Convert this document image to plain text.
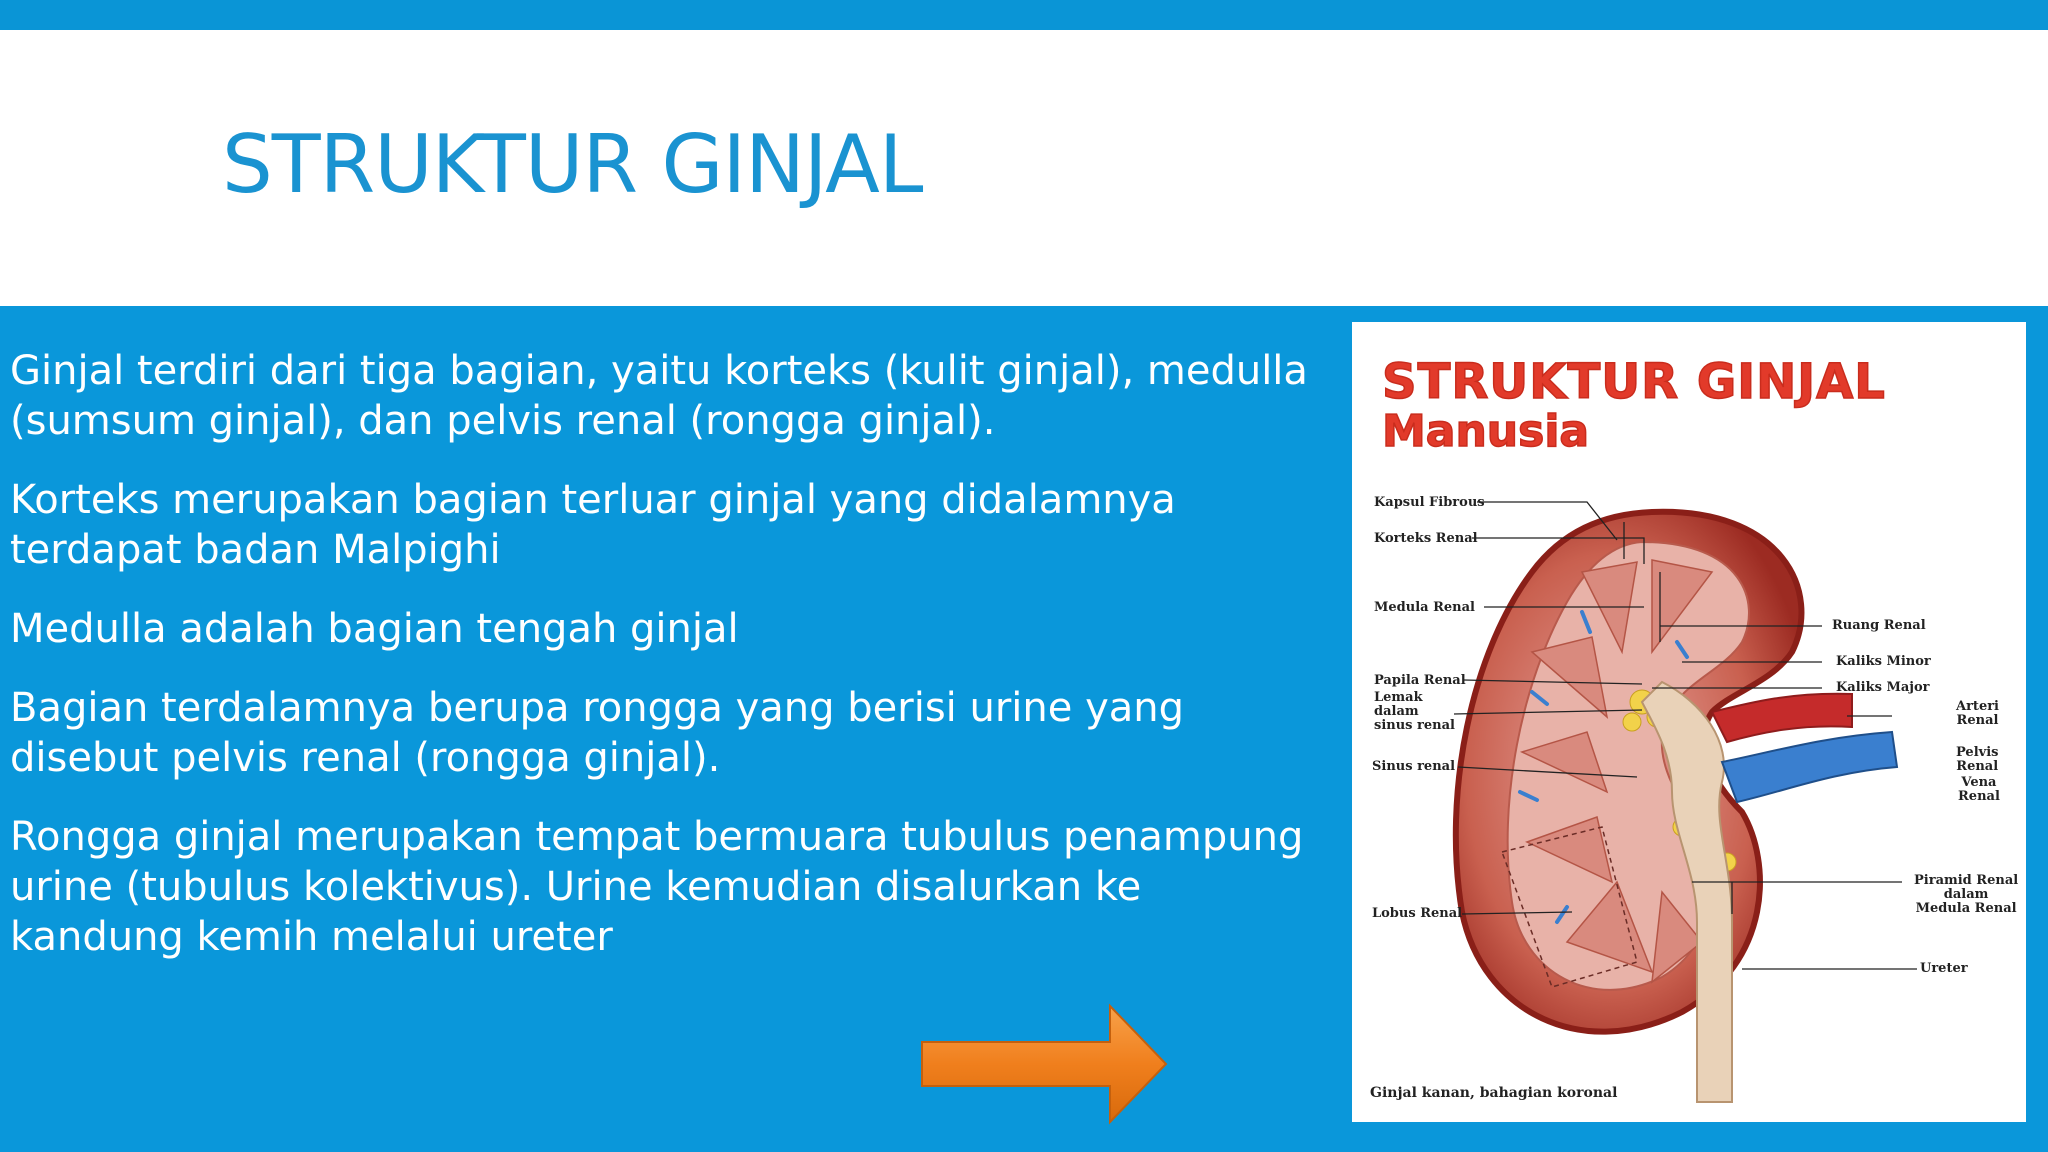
STRUKTUR GINJAL
Ginjal terdiri dari tiga bagian, yaitu korteks (kulit ginjal), medulla (sumsum ginjal), dan pelvis renal (rongga ginjal).
Korteks merupakan bagian terluar ginjal yang didalamnya terdapat badan Malpighi
Medulla adalah bagian tengah ginjal
Bagian terdalamnya berupa rongga yang berisi urine yang disebut pelvis renal (rongga ginjal).
Rongga ginjal merupakan tempat bermuara tubulus penampung urine (tubulus kolektivus). Urine kemudian disalurkan ke kandung kemih melalui ureter
STRUKTUR GINJAL
Manusia
Kapsul Fibrous
Korteks Renal
Medula Renal
Papila Renal
Lemak
dalam
sinus renal
Sinus renal
Lobus Renal
Ruang Renal
Kaliks Minor
Kaliks Major
Arteri
Renal
Pelvis
Renal
Vena
Renal
Piramid Renal
dalam
Medula Renal
Ureter
Ginjal kanan, bahagian koronal
